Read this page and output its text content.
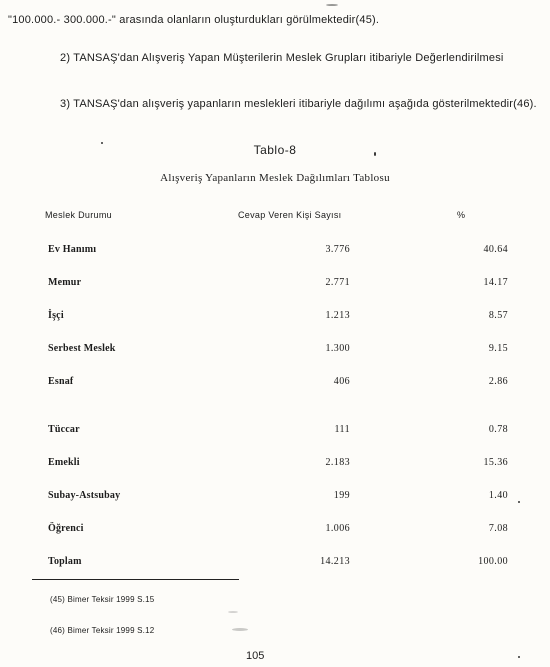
"100.000.- 300.000.-" arasında olanların oluşturdukları görülmektedir(45).
2) TANSAŞ'dan Alışveriş Yapan Müşterilerin Meslek Grupları itibariyle Değerlendirilmesi
3) TANSAŞ'dan alışveriş yapanların meslekleri itibariyle dağılımı aşağıda gösterilmektedir(46).
Tablo-8
Alışveriş Yapanların Meslek Dağılımları Tablosu
Meslek Durumu	Cevap Veren Kişi Sayısı	%
Ev Hanımı	3.776	40.64
Memur	2.771	14.17
İşçi	1.213	8.57
Serbest Meslek	1.300	9.15
Esnaf	406	2.86
Tüccar	111	0.78
Emekli	2.183	15.36
Subay-Astsubay	199	1.40
Öğrenci	1.006	7.08
Toplam	14.213	100.00
(45) Bimer Teksir 1999 S.15
(46) Bimer Teksir 1999 S.12
105
